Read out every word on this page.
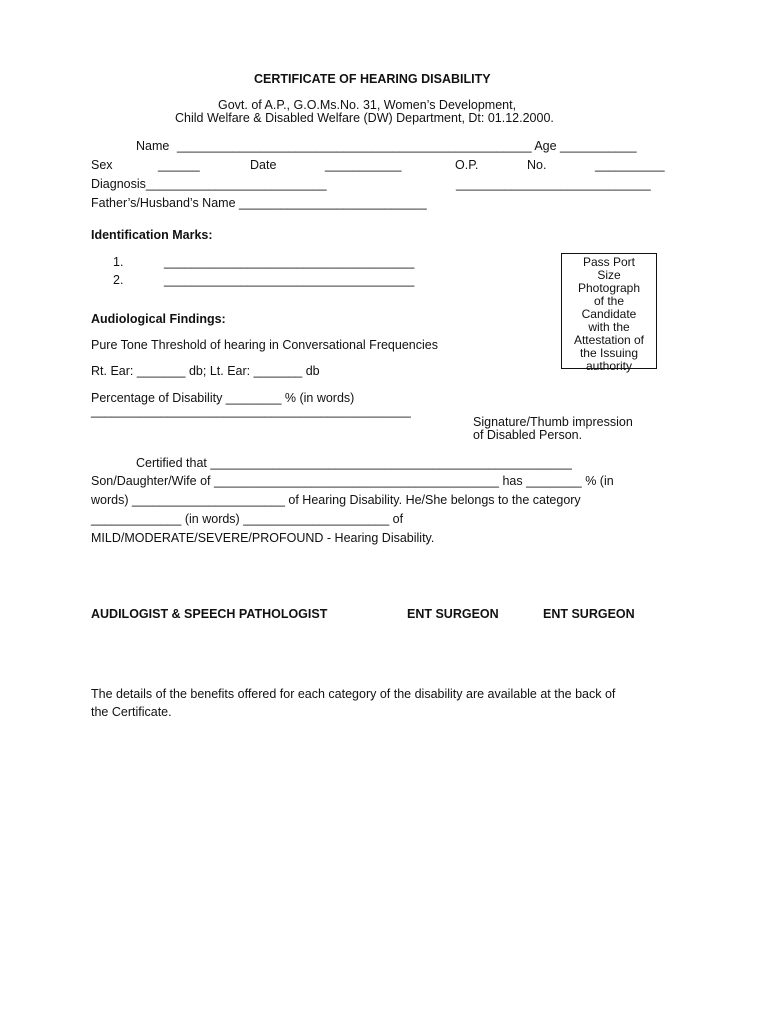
CERTIFICATE OF HEARING DISABILITY
Govt. of A.P., G.O.Ms.No. 31, Women’s Development,
Child Welfare & Disabled Welfare (DW) Department, Dt: 01.12.2000.
Name ___________________________________________________ Age ___________
Sex	______	Date	___________	O.P.	No.	__________
Diagnosis__________________________	____________________________
Father’s/Husband’s Name ___________________________
Identification Marks:
1.	____________________________________
2.	____________________________________
Pass Port
Size
Photograph
of the
Candidate
with the
Attestation of
the Issuing
authority
Audiological Findings:
Pure Tone Threshold of hearing in Conversational Frequencies
Rt. Ear: _______ db; Lt. Ear: _______ db
Percentage of Disability ________ % (in words)
______________________________________________
Signature/Thumb impression
of Disabled Person.
Certified that ____________________________________________________
Son/Daughter/Wife of _________________________________________ has ________ % (in
words) ______________________ of Hearing Disability. He/She belongs to the category
_____________ (in words) _____________________ of
MILD/MODERATE/SEVERE/PROFOUND - Hearing Disability.
AUDILOGIST & SPEECH PATHOLOGIST	ENT SURGEON	ENT SURGEON
The details of the benefits offered for each category of the disability are available at the back of
the Certificate.
